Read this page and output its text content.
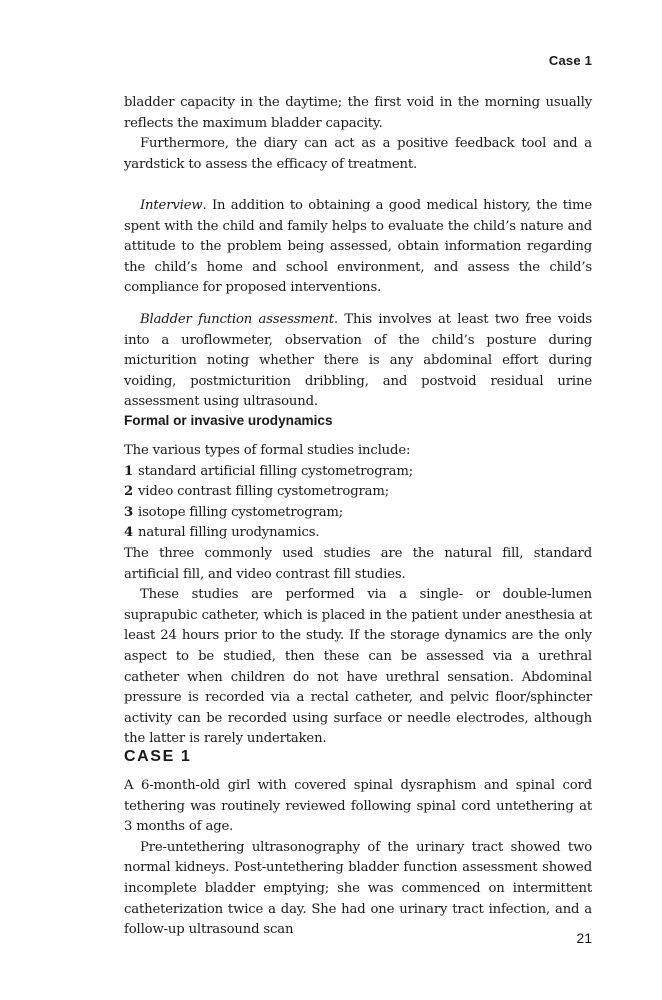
Case 1

bladder capacity in the daytime; the first void in the morning usually reflects the maximum bladder capacity.

Furthermore, the diary can act as a positive feedback tool and a yardstick to assess the efficacy of treatment.

Interview. In addition to obtaining a good medical history, the time spent with the child and family helps to evaluate the child’s nature and attitude to the problem being assessed, obtain information regarding the child’s home and school environment, and assess the child’s compliance for proposed interventions.

Bladder function assessment. This involves at least two free voids into a uroflowmeter, observation of the child’s posture during micturition noting whether there is any abdominal effort during voiding, postmicturition dribbling, and postvoid residual urine assessment using ultrasound.

Formal or invasive urodynamics

The various types of formal studies include:

1 standard artificial filling cystometrogram;

2 video contrast filling cystometrogram;

3 isotope filling cystometrogram;

4 natural filling urodynamics.

The three commonly used studies are the natural fill, standard artificial fill, and video contrast fill studies.

These studies are performed via a single- or double-lumen suprapubic catheter, which is placed in the patient under anesthesia at least 24 hours prior to the study. If the storage dynamics are the only aspect to be studied, then these can be assessed via a urethral catheter when children do not have urethral sensation. Abdominal pressure is recorded via a rectal catheter, and pelvic floor/sphincter activity can be recorded using surface or needle electrodes, although the latter is rarely undertaken.

CASE 1

A 6-month-old girl with covered spinal dysraphism and spinal cord tethering was routinely reviewed following spinal cord untethering at 3 months of age.

Pre-untethering ultrasonography of the urinary tract showed two normal kidneys. Post-untethering bladder function assessment showed incomplete bladder emptying; she was commenced on intermittent catheterization twice a day. She had one urinary tract infection, and a follow-up ultrasound scan

21
